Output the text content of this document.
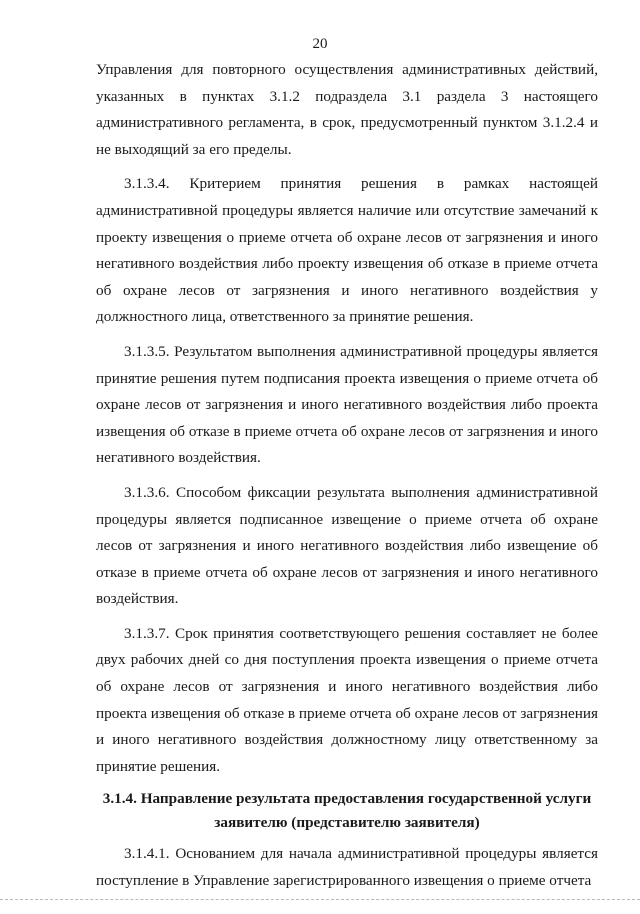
20

Управления для повторного осуществления административных действий, указанных в пунктах 3.1.2 подраздела 3.1 раздела 3 настоящего административного регламента, в срок, предусмотренный пунктом 3.1.2.4 и не выходящий за его пределы.

3.1.3.4. Критерием принятия решения в рамках настоящей административной процедуры является наличие или отсутствие замечаний к проекту извещения о приеме отчета об охране лесов от загрязнения и иного негативного воздействия либо проекту извещения об отказе в приеме отчета об охране лесов от загрязнения и иного негативного воздействия у должностного лица, ответственного за принятие решения.

3.1.3.5. Результатом выполнения административной процедуры является принятие решения путем подписания проекта извещения о приеме отчета об охране лесов от загрязнения и иного негативного воздействия либо проекта извещения об отказе в приеме отчета об охране лесов от загрязнения и иного негативного воздействия.

3.1.3.6. Способом фиксации результата выполнения административной процедуры является подписанное извещение о приеме отчета об охране лесов от загрязнения и иного негативного воздействия либо извещение об отказе в приеме отчета об охране лесов от загрязнения и иного негативного воздействия.

3.1.3.7. Срок принятия соответствующего решения составляет не более двух рабочих дней со дня поступления проекта извещения о приеме отчета об охране лесов от загрязнения и иного негативного воздействия либо проекта извещения об отказе в приеме отчета об охране лесов от загрязнения и иного негативного воздействия должностному лицу ответственному за принятие решения.

3.1.4. Направление результата предоставления государственной услуги заявителю (представителю заявителя)

3.1.4.1. Основанием для начала административной процедуры является поступление в Управление зарегистрированного извещения о приеме отчета
